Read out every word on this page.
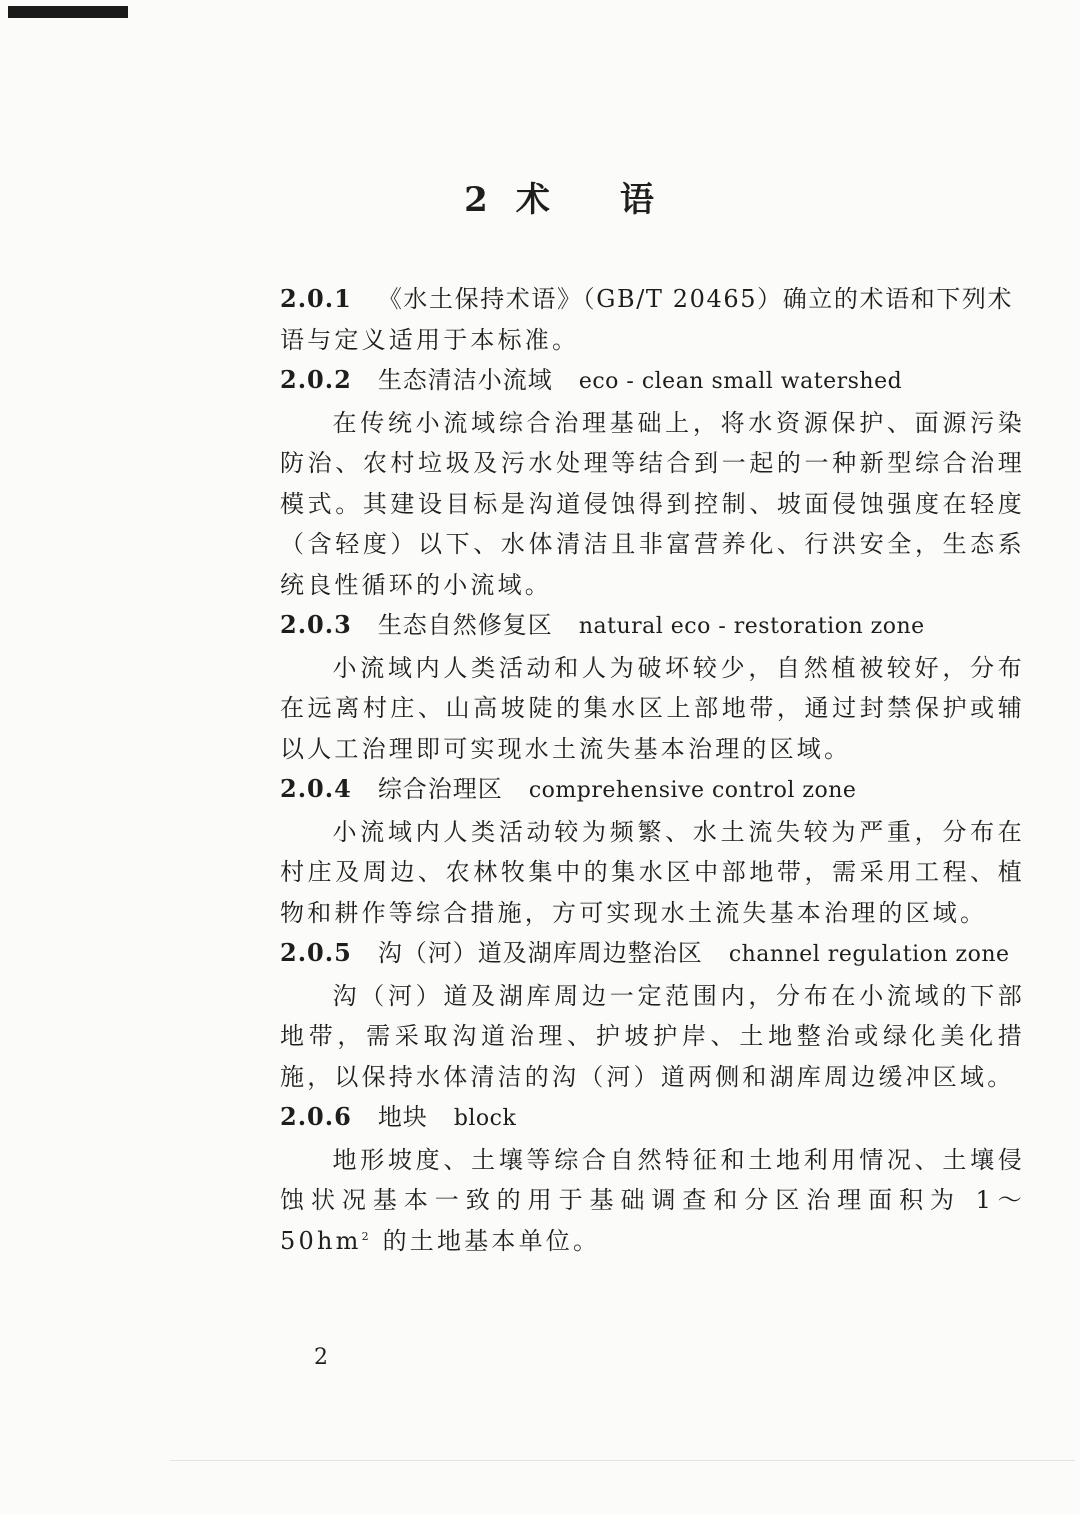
2 术 语
2.0.1 《水土保持术语》（GB/T 20465）确立的术语和下列术
语与定义适用于本标准。
2.0.2 生态清洁小流域 eco - clean small watershed
在传统小流域综合治理基础上，将水资源保护、面源污染防治、农村垃圾及污水处理等结合到一起的一种新型综合治理模式。其建设目标是沟道侵蚀得到控制、坡面侵蚀强度在轻度（含轻度）以下、水体清洁且非富营养化、行洪安全，生态系统良性循环的小流域。
2.0.3 生态自然修复区 natural eco - restoration zone
小流域内人类活动和人为破坏较少，自然植被较好，分布在远离村庄、山高坡陡的集水区上部地带，通过封禁保护或辅以人工治理即可实现水土流失基本治理的区域。
2.0.4 综合治理区 comprehensive control zone
小流域内人类活动较为频繁、水土流失较为严重，分布在村庄及周边、农林牧集中的集水区中部地带，需采用工程、植物和耕作等综合措施，方可实现水土流失基本治理的区域。
2.0.5 沟（河）道及湖库周边整治区 channel regulation zone
沟（河）道及湖库周边一定范围内，分布在小流域的下部地带，需采取沟道治理、护坡护岸、土地整治或绿化美化措施，以保持水体清洁的沟（河）道两侧和湖库周边缓冲区域。
2.0.6 地块 block
地形坡度、土壤等综合自然特征和土地利用情况、土壤侵蚀状况基本一致的用于基础调查和分区治理面积为 $1\sim 50hm^2$ 的土地基本单位。
2
